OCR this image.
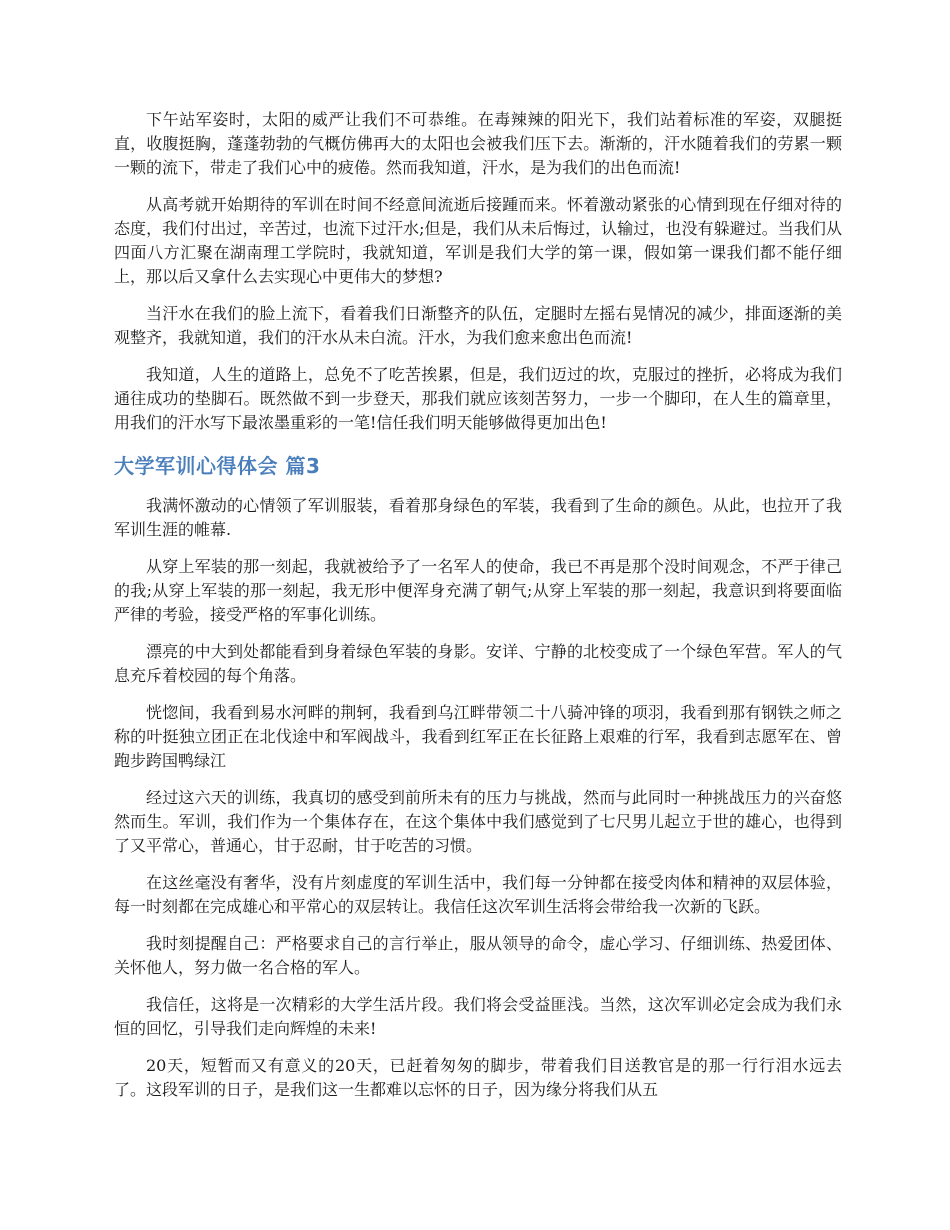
下午站军姿时，太阳的威严让我们不可恭维。在毒辣辣的阳光下，我们站着标准的军姿，双腿挺直，收腹挺胸，蓬蓬勃勃的气概仿佛再大的太阳也会被我们压下去。渐渐的，汗水随着我们的劳累一颗一颗的流下，带走了我们心中的疲倦。然而我知道，汗水，是为我们的出色而流!

从高考就开始期待的军训在时间不经意间流逝后接踵而来。怀着激动紧张的心情到现在仔细对待的态度，我们付出过，辛苦过，也流下过汗水;但是，我们从未后悔过，认输过，也没有躲避过。当我们从四面八方汇聚在湖南理工学院时，我就知道，军训是我们大学的第一课，假如第一课我们都不能仔细上，那以后又拿什么去实现心中更伟大的梦想?

当汗水在我们的脸上流下，看着我们日渐整齐的队伍，定腿时左摇右晃情况的减少，排面逐渐的美观整齐，我就知道，我们的汗水从未白流。汗水，为我们愈来愈出色而流!

我知道，人生的道路上，总免不了吃苦挨累，但是，我们迈过的坎，克服过的挫折，必将成为我们通往成功的垫脚石。既然做不到一步登天，那我们就应该刻苦努力，一步一个脚印，在人生的篇章里，用我们的汗水写下最浓墨重彩的一笔!信任我们明天能够做得更加出色!

大学军训心得体会 篇3

我满怀激动的心情领了军训服装，看着那身绿色的军装，我看到了生命的颜色。从此，也拉开了我军训生涯的帷幕.

从穿上军装的那一刻起，我就被给予了一名军人的使命，我已不再是那个没时间观念，不严于律己的我;从穿上军装的那一刻起，我无形中便浑身充满了朝气;从穿上军装的那一刻起，我意识到将要面临严律的考验，接受严格的军事化训练。

漂亮的中大到处都能看到身着绿色军装的身影。安详、宁静的北校变成了一个绿色军营。军人的气息充斥着校园的每个角落。

恍惚间，我看到易水河畔的荆轲，我看到乌江畔带领二十八骑冲锋的项羽，我看到那有钢铁之师之称的叶挺独立团正在北伐途中和军阀战斗，我看到红军正在长征路上艰难的行军，我看到志愿军在、曾跑步跨国鸭绿江

经过这六天的训练，我真切的感受到前所未有的压力与挑战，然而与此同时一种挑战压力的兴奋悠然而生。军训，我们作为一个集体存在，在这个集体中我们感觉到了七尺男儿起立于世的雄心，也得到了又平常心，普通心，甘于忍耐，甘于吃苦的习惯。

在这丝毫没有奢华，没有片刻虚度的军训生活中，我们每一分钟都在接受肉体和精神的双层体验，每一时刻都在完成雄心和平常心的双层转让。我信任这次军训生活将会带给我一次新的飞跃。

我时刻提醒自己：严格要求自己的言行举止，服从领导的命令，虚心学习、仔细训练、热爱团体、关怀他人，努力做一名合格的军人。

我信任，这将是一次精彩的大学生活片段。我们将会受益匪浅。当然，这次军训必定会成为我们永恒的回忆，引导我们走向辉煌的未来!

20天，短暂而又有意义的20天，已赶着匆匆的脚步，带着我们目送教官是的那一行行泪水远去了。这段军训的日子，是我们这一生都难以忘怀的日子，因为缘分将我们从五
